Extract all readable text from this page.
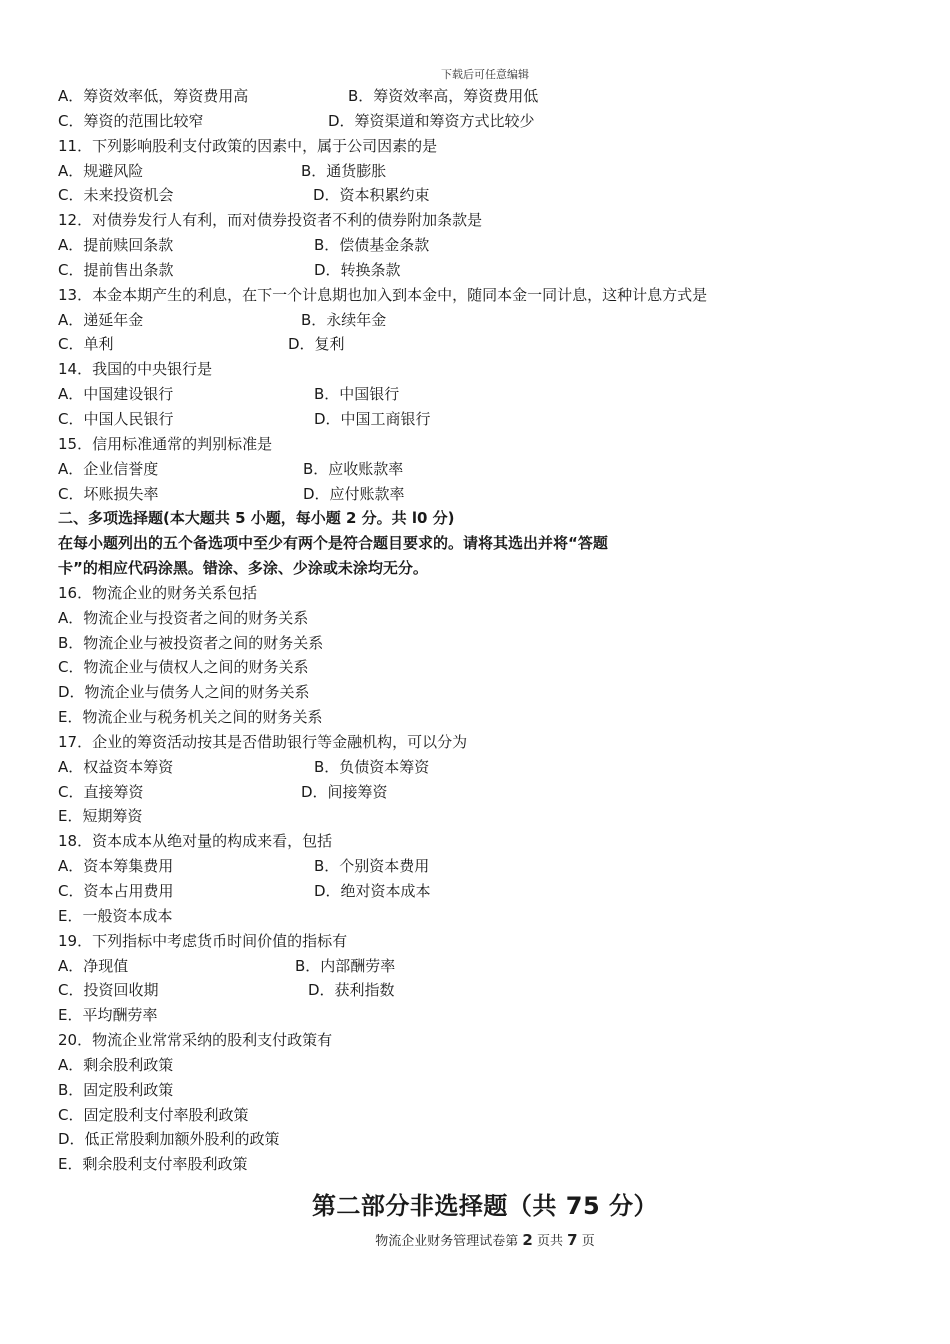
下载后可任意编辑
A．筹资效率低，筹资费用高	B．筹资效率高，筹资费用低
C．筹资的范围比较窄	D．筹资渠道和筹资方式比较少
11．下列影响股利支付政策的因素中，属于公司因素的是
A．规避风险	B．通货膨胀
C．未来投资机会	D．资本积累约束
12．对债券发行人有利，而对债券投资者不利的债券附加条款是
A．提前赎回条款	B．偿债基金条款
C．提前售出条款	D．转换条款
13．本金本期产生的利息，在下一个计息期也加入到本金中，随同本金一同计息，这种计息方式是
A．递延年金	B．永续年金
C．单利	D．复利
14．我国的中央银行是
A．中国建设银行	B．中国银行
C．中国人民银行	D．中国工商银行
15．信用标准通常的判别标准是
A．企业信誉度	B．应收账款率
C．坏账损失率	D．应付账款率
二、多项选择题(本大题共 5 小题，每小题 2 分。共 l0 分)
在每小题列出的五个备选项中至少有两个是符合题目要求的。请将其选出并将“答题
卡”的相应代码涂黑。错涂、多涂、少涂或未涂均无分。
16．物流企业的财务关系包括
A．物流企业与投资者之间的财务关系
B．物流企业与被投资者之间的财务关系
C．物流企业与债权人之间的财务关系
D．物流企业与债务人之间的财务关系
E．物流企业与税务机关之间的财务关系
17．企业的筹资活动按其是否借助银行等金融机构，可以分为
A．权益资本筹资	B．负债资本筹资
C．直接筹资	D．间接筹资
E．短期筹资
18．资本成本从绝对量的构成来看，包括
A．资本筹集费用	B．个别资本费用
C．资本占用费用	D．绝对资本成本
E．一般资本成本
19．下列指标中考虑货币时间价值的指标有
A．净现值	B．内部酬劳率
C．投资回收期	D．获利指数
E．平均酬劳率
20．物流企业常常采纳的股利支付政策有
A．剩余股利政策
B．固定股利政策
C．固定股利支付率股利政策
D．低正常股剩加额外股利的政策
E．剩余股利支付率股利政策
第二部分非选择题（共 75 分）
物流企业财务管理试卷第 2 页共 7 页
